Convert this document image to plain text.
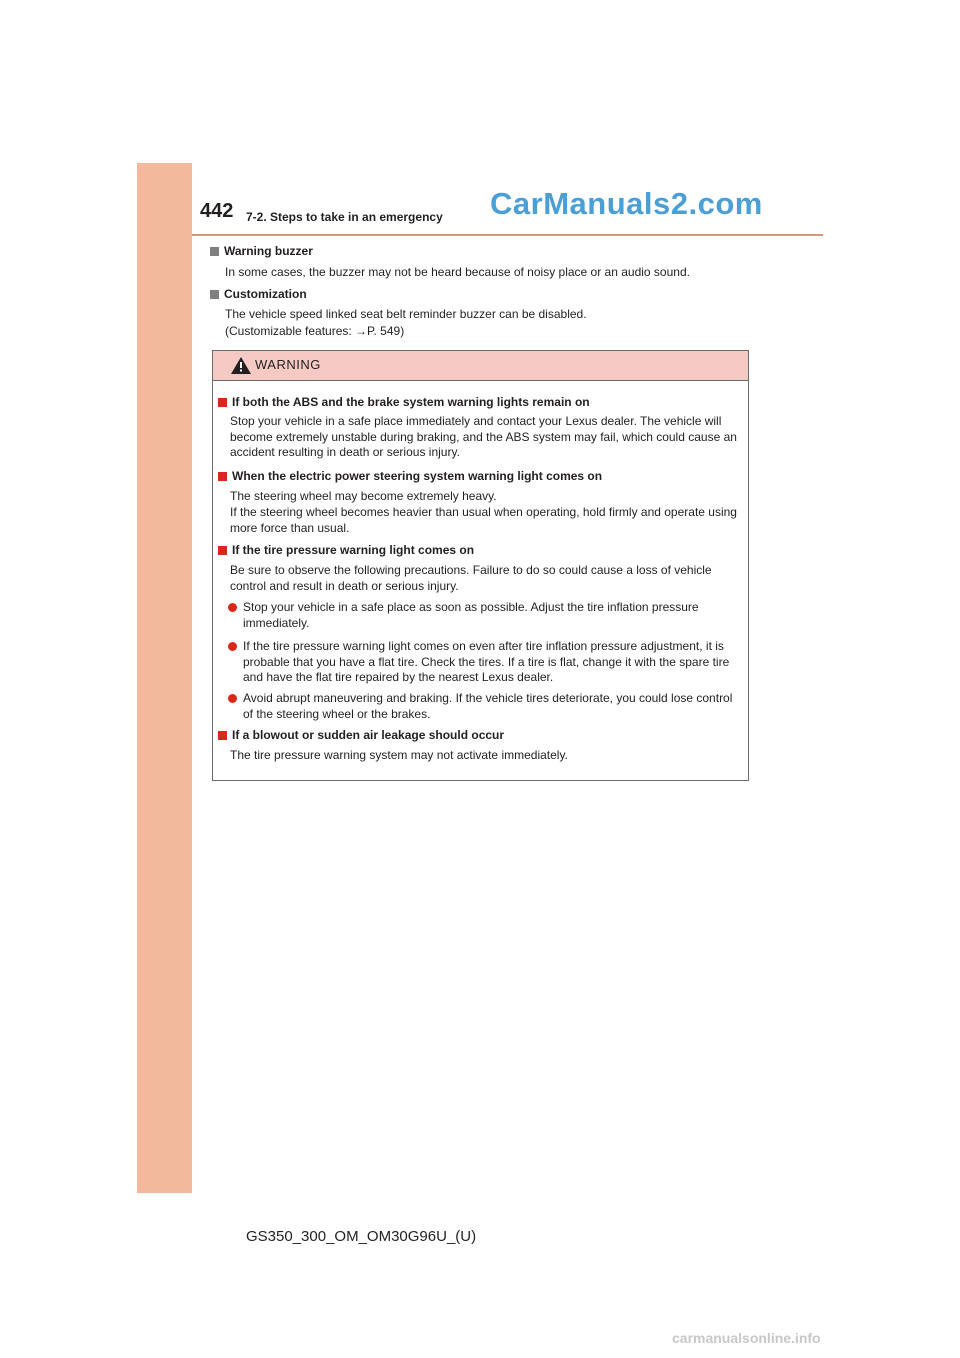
442 7-2. Steps to take in an emergency CarManuals2.com
Warning buzzer
In some cases, the buzzer may not be heard because of noisy place or an audio sound.
Customization
The vehicle speed linked seat belt reminder buzzer can be disabled.
(Customizable features: →P. 549)
WARNING
If both the ABS and the brake system warning lights remain on
Stop your vehicle in a safe place immediately and contact your Lexus dealer. The vehicle will become extremely unstable during braking, and the ABS system may fail, which could cause an accident resulting in death or serious injury.
When the electric power steering system warning light comes on
The steering wheel may become extremely heavy.
If the steering wheel becomes heavier than usual when operating, hold firmly and operate using more force than usual.
If the tire pressure warning light comes on
Be sure to observe the following precautions. Failure to do so could cause a loss of vehicle control and result in death or serious injury.
Stop your vehicle in a safe place as soon as possible. Adjust the tire inflation pressure immediately.
If the tire pressure warning light comes on even after tire inflation pressure adjustment, it is probable that you have a flat tire. Check the tires. If a tire is flat, change it with the spare tire and have the flat tire repaired by the nearest Lexus dealer.
Avoid abrupt maneuvering and braking. If the vehicle tires deteriorate, you could lose control of the steering wheel or the brakes.
If a blowout or sudden air leakage should occur
The tire pressure warning system may not activate immediately.
GS350_300_OM_OM30G96U_(U)
carmanualsonline.info
